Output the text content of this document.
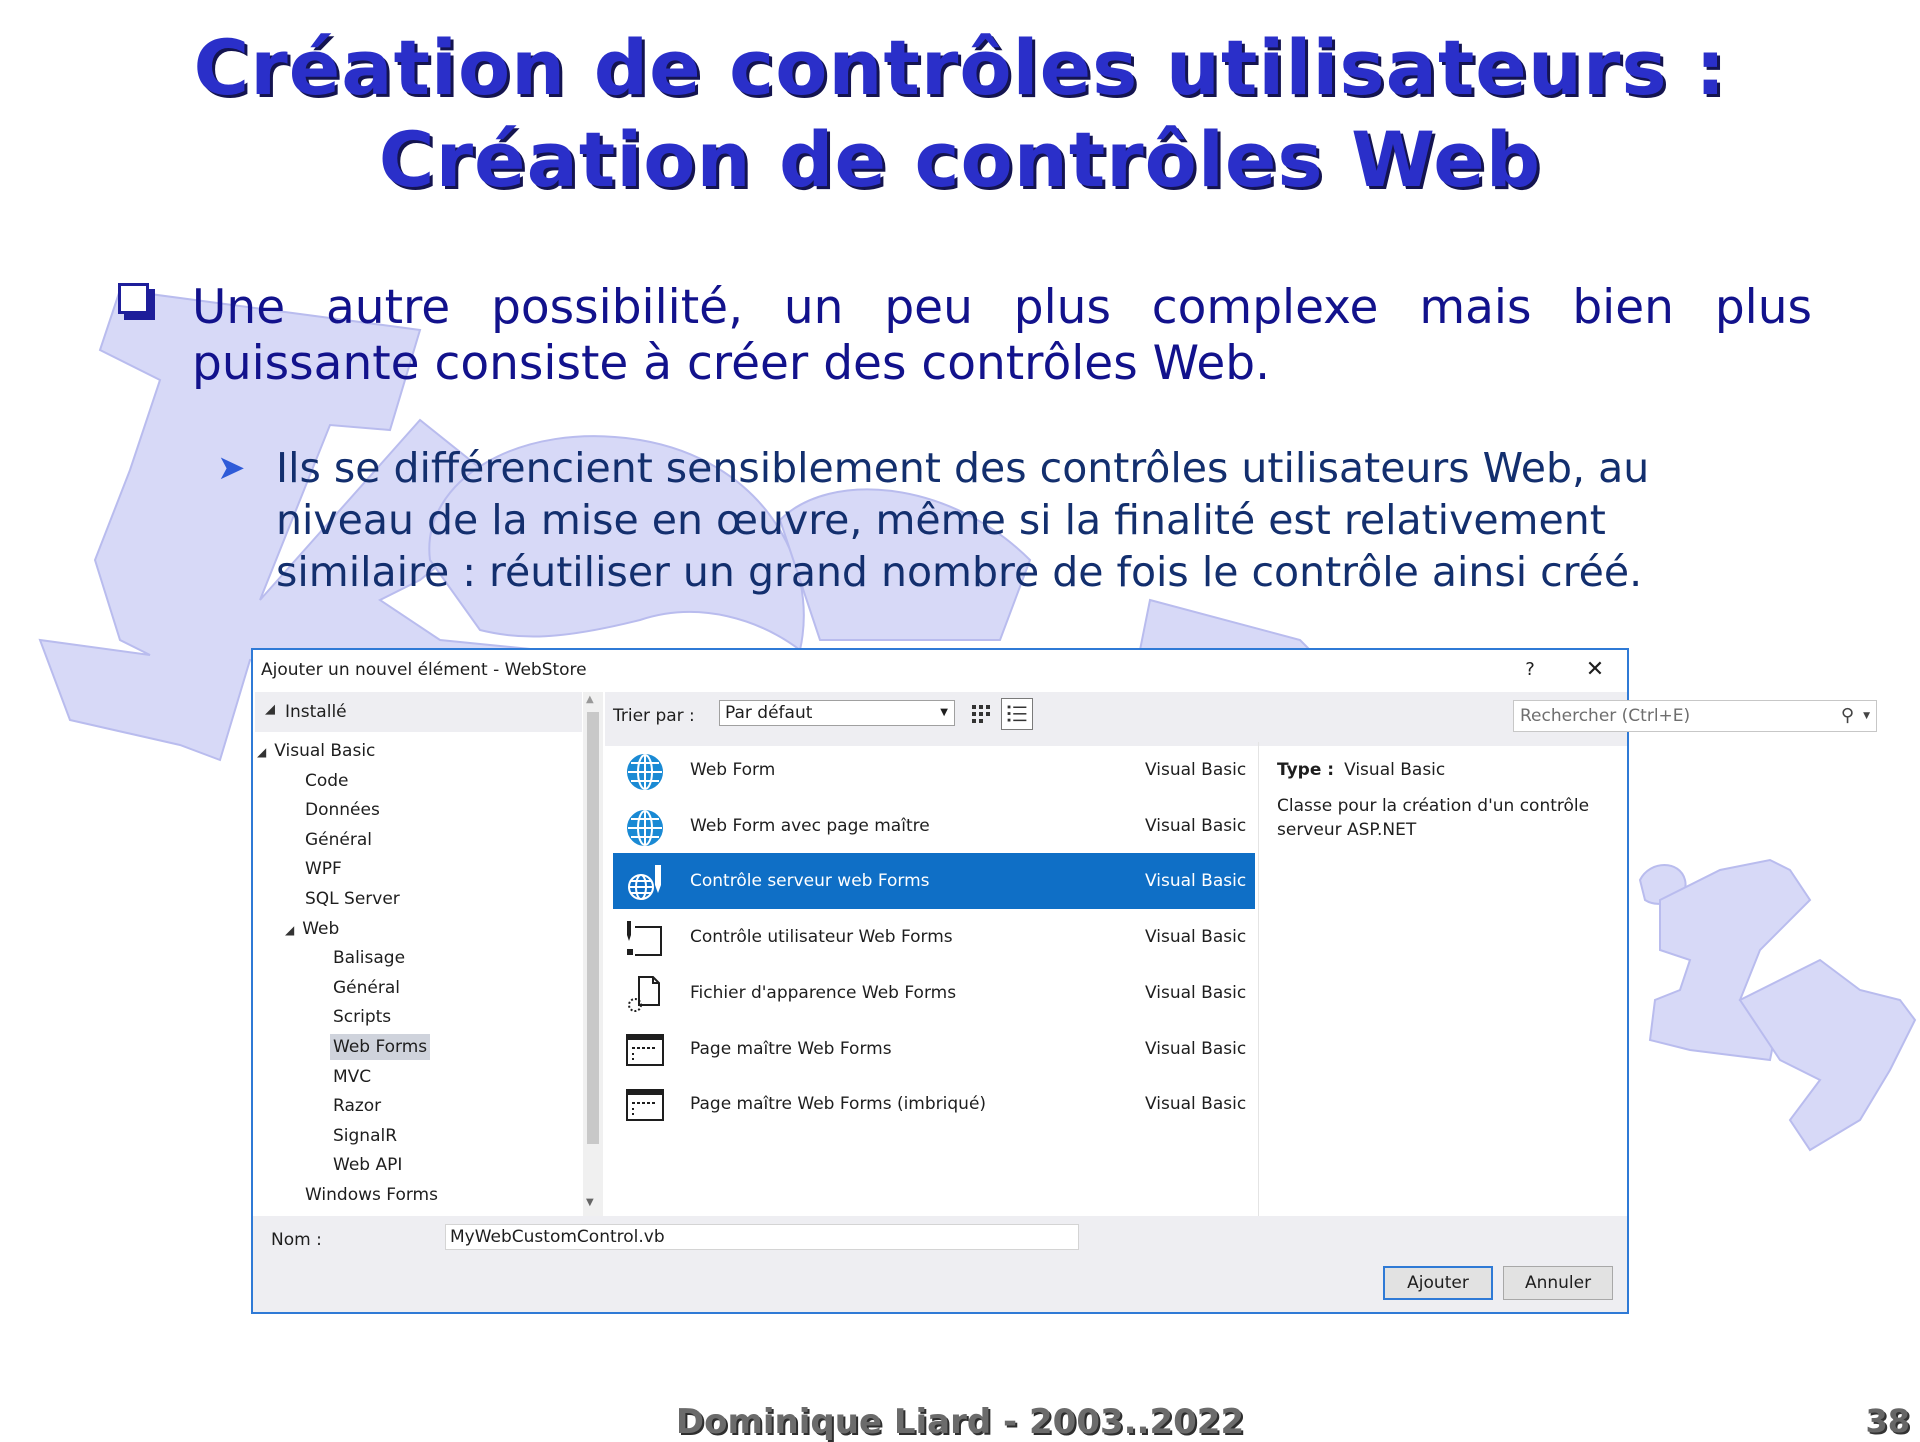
Création de contrôles utilisateurs :
Création de contrôles Web
Une autre possibilité, un peu plus complexe mais bien plus
puissante consiste à créer des contrôles Web.
➤ Ils se différencient sensiblement des contrôles utilisateurs Web, au
niveau de la mise en œuvre, même si la finalité est relativement
similaire : réutiliser un grand nombre de fois le contrôle ainsi créé.
Ajouter un nouvel élément - WebStore	?	✕
◢ Installé
◢ Visual Basic
Code
Données
Général
WPF
SQL Server
◢ Web
Balisage
Général
Scripts
Web Forms
MVC
Razor
SignalR
Web API
Windows Forms
▲
▼
Trier par :	Par défaut	▼	Rechercher (Ctrl+E)	⚲ ▼
Web Form	Visual Basic
Web Form avec page maître	Visual Basic
Contrôle serveur web Forms	Visual Basic
Contrôle utilisateur Web Forms	Visual Basic
Fichier d'apparence Web Forms	Visual Basic
Page maître Web Forms	Visual Basic
Page maître Web Forms (imbriqué)	Visual Basic
Type : Visual Basic
Classe pour la création d'un contrôle
serveur ASP.NET
Nom :	MyWebCustomControl.vb
Ajouter	Annuler
Dominique Liard - 2003..2022	38
